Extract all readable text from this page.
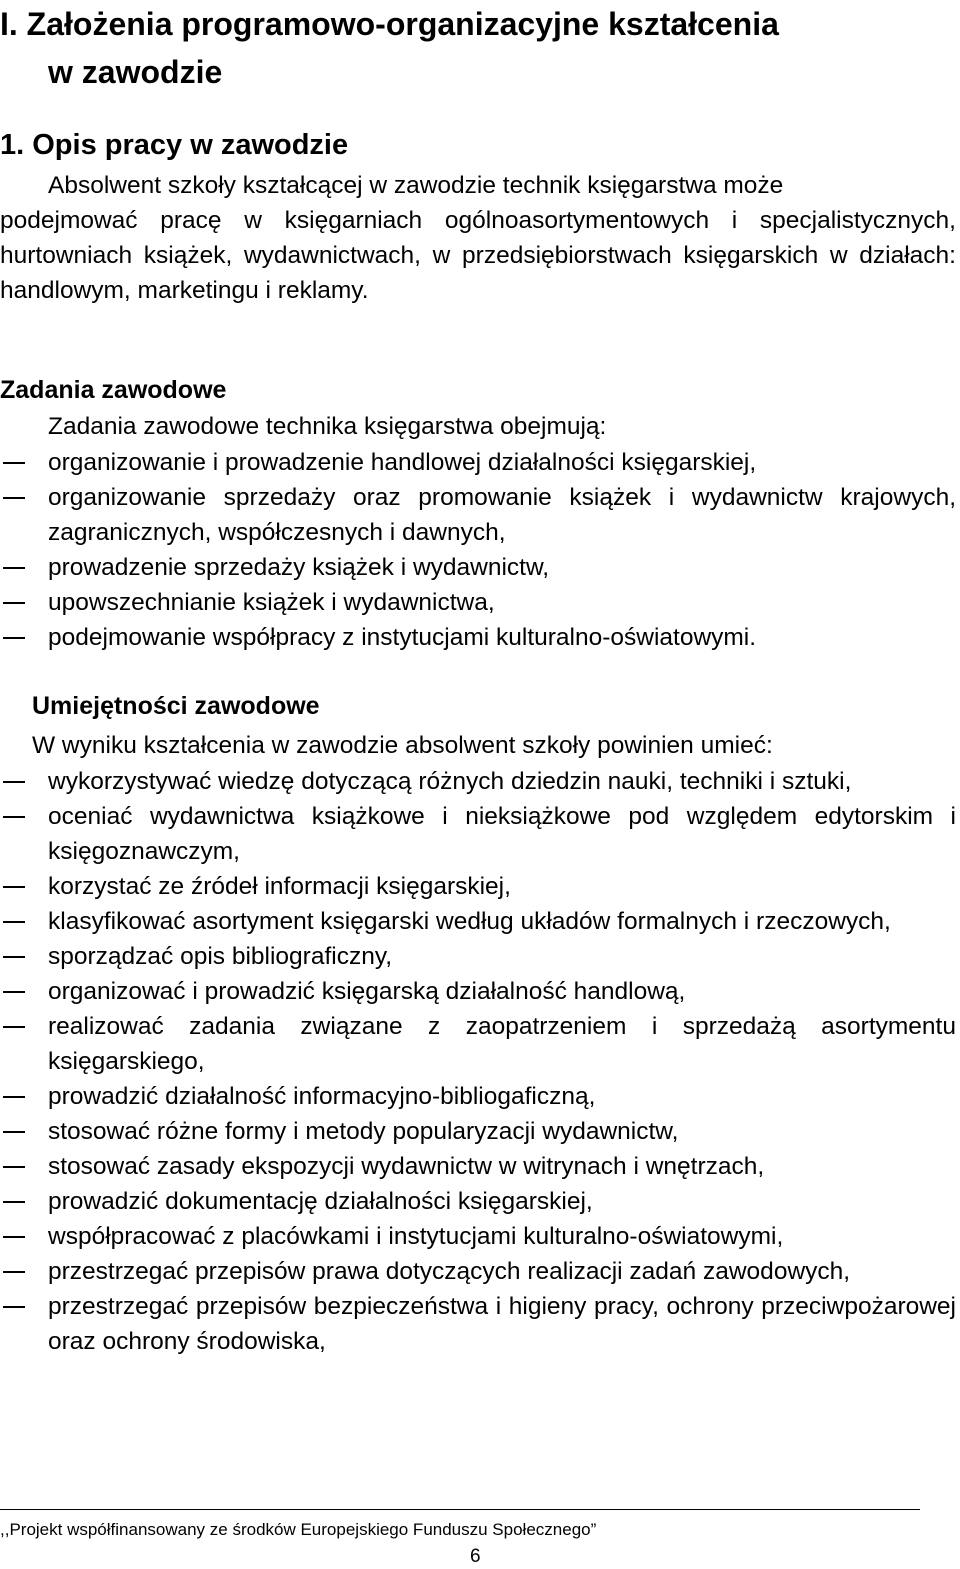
I. Założenia programowo-organizacyjne kształcenia
w zawodzie
1. Opis pracy w zawodzie

Absolwent szkoły kształcącej w zawodzie technik księgarstwa może
podejmować pracę w księgarniach ogólnoasortymentowych i specjalistycznych, hurtowniach książek, wydawnictwach, w przedsiębiorstwach księgarskich w działach: handlowym, marketingu i reklamy.

Zadania zawodowe

Zadania zawodowe technika księgarstwa obejmują:

organizowanie i prowadzenie handlowej działalności księgarskiej,
organizowanie sprzedaży oraz promowanie książek i wydawnictw krajowych, zagranicznych, współczesnych i dawnych,
prowadzenie sprzedaży książek i wydawnictw,
upowszechnianie książek i wydawnictwa,
podejmowanie współpracy z instytucjami kulturalno-oświatowymi.
Umiejętności zawodowe

W wyniku kształcenia w zawodzie absolwent szkoły powinien umieć:

wykorzystywać wiedzę dotyczącą różnych dziedzin nauki, techniki i sztuki,
oceniać wydawnictwa książkowe i nieksiążkowe pod względem edytorskim i księgoznawczym,
korzystać ze źródeł informacji księgarskiej,
klasyfikować asortyment księgarski według układów formalnych i rzeczowych,
sporządzać opis bibliograficzny,
organizować i prowadzić księgarską działalność handlową,
realizować zadania związane z zaopatrzeniem i sprzedażą asortymentu księgarskiego,
prowadzić działalność informacyjno-bibliogaficzną,
stosować różne formy i metody popularyzacji wydawnictw,
stosować zasady ekspozycji wydawnictw w witrynach i wnętrzach,
prowadzić dokumentację działalności księgarskiej,
współpracować z placówkami i instytucjami kulturalno-oświatowymi,
przestrzegać przepisów prawa dotyczących realizacji zadań zawodowych,
przestrzegać przepisów bezpieczeństwa i higieny pracy, ochrony przeciwpożarowej oraz ochrony środowiska,

,,Projekt współfinansowany ze środków Europejskiego Funduszu Społecznego”

6
